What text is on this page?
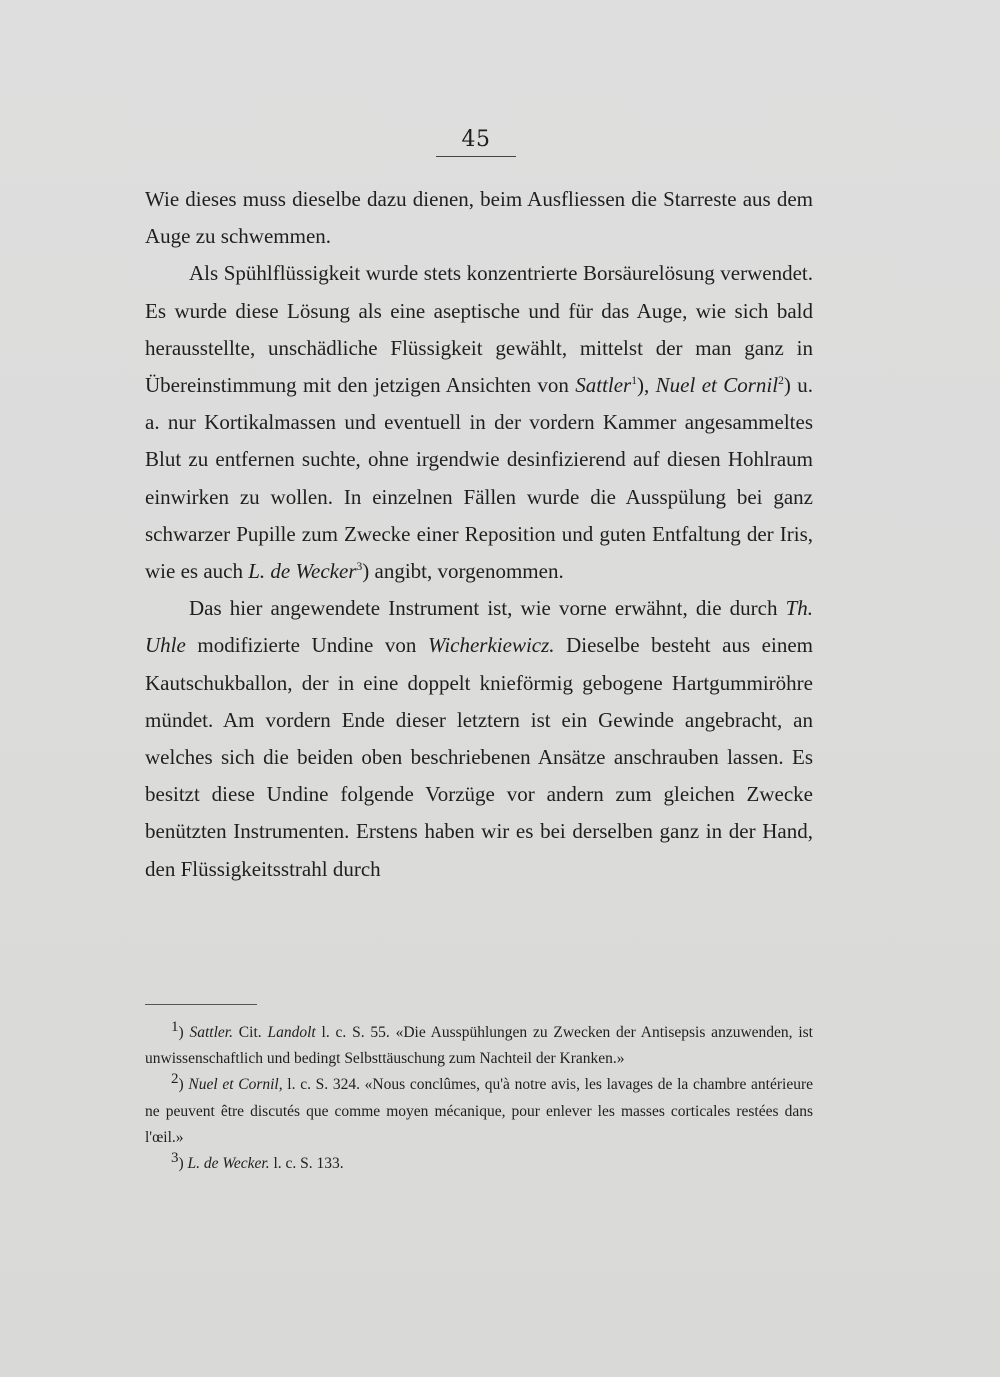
45

Wie dieses muss dieselbe dazu dienen, beim Ausfliessen die Starreste aus dem Auge zu schwemmen.

Als Spühlflüssigkeit wurde stets konzentrierte Borsäurelösung verwendet. Es wurde diese Lösung als eine aseptische und für das Auge, wie sich bald herausstellte, unschädliche Flüssigkeit gewählt, mittelst der man ganz in Übereinstimmung mit den jetzigen Ansichten von Sattler$^1$), Nuel et Cornil$^2$) u. a. nur Kortikalmassen und eventuell in der vordern Kammer angesammeltes Blut zu entfernen suchte, ohne irgendwie desinfizierend auf diesen Hohlraum einwirken zu wollen. In einzelnen Fällen wurde die Ausspülung bei ganz schwarzer Pupille zum Zwecke einer Reposition und guten Entfaltung der Iris, wie es auch L. de Wecker$^3$) angibt, vorgenommen.

Das hier angewendete Instrument ist, wie vorne erwähnt, die durch Th. Uhle modifizierte Undine von Wicherkiewicz. Dieselbe besteht aus einem Kautschukballon, der in eine doppelt knieförmig gebogene Hartgummiröhre mündet. Am vordern Ende dieser letztern ist ein Gewinde angebracht, an welches sich die beiden oben beschriebenen Ansätze anschrauben lassen. Es besitzt diese Undine folgende Vorzüge vor andern zum gleichen Zwecke benützten Instrumenten. Erstens haben wir es bei derselben ganz in der Hand, den Flüssigkeitsstrahl durch

$^1$) Sattler. Cit. Landolt l. c. S. 55. «Die Ausspühlungen zu Zwecken der Antisepsis anzuwenden, ist unwissenschaftlich und bedingt Selbsttäuschung zum Nachteil der Kranken.»

$^2$) Nuel et Cornil, l. c. S. 324. «Nous conclûmes, qu'à notre avis, les lavages de la chambre antérieure ne peuvent être discutés que comme moyen mécanique, pour enlever les masses corticales restées dans l'œil.»

$^3$) L. de Wecker. l. c. S. 133.
